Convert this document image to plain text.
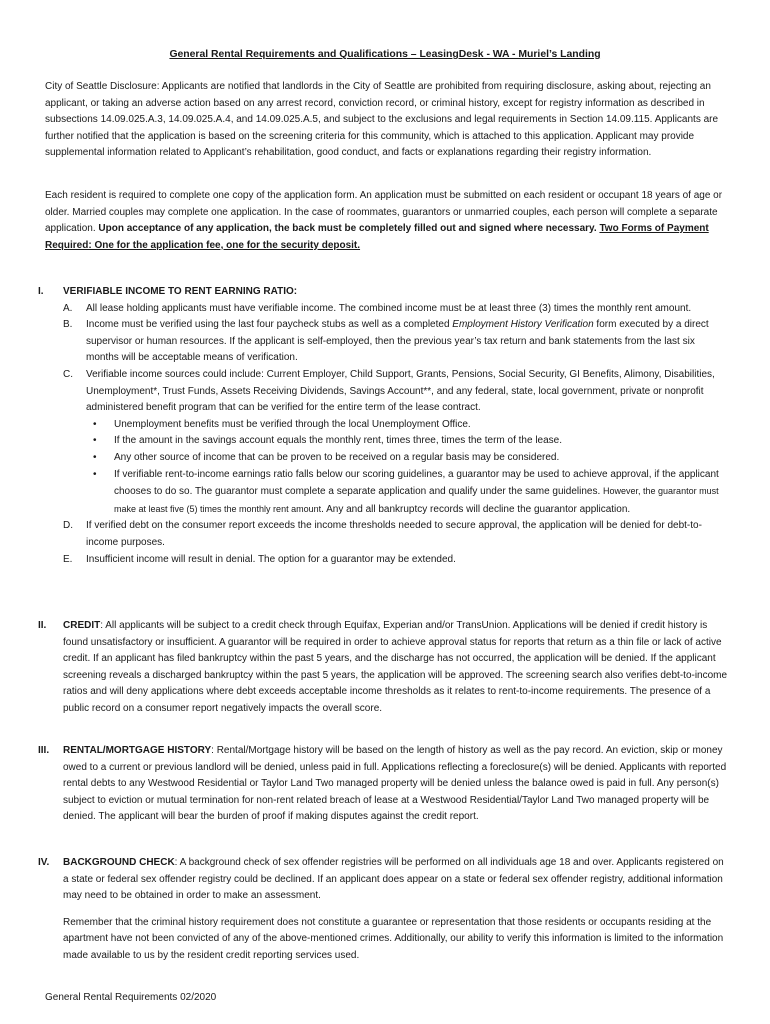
General Rental Requirements and Qualifications – LeasingDesk - WA - Muriel’s Landing

City of Seattle Disclosure: Applicants are notified that landlords in the City of Seattle are prohibited from requiring disclosure, asking about, rejecting an applicant, or taking an adverse action based on any arrest record, conviction record, or criminal history, except for registry information as described in subsections 14.09.025.A.3, 14.09.025.A.4, and 14.09.025.A.5, and subject to the exclusions and legal requirements in Section 14.09.115. Applicants are further notified that the application is based on the screening criteria for this community, which is attached to this application. Applicant may provide supplemental information related to Applicant’s rehabilitation, good conduct, and facts or explanations regarding their registry information.

Each resident is required to complete one copy of the application form. An application must be submitted on each resident or occupant 18 years of age or older. Married couples may complete one application. In the case of roommates, guarantors or unmarried couples, each person will complete a separate application. Upon acceptance of any application, the back must be completely filled out and signed where necessary. Two Forms of Payment Required: One for the application fee, one for the security deposit.

I.	VERIFIABLE INCOME TO RENT EARNING RATIO:
A. All lease holding applicants must have verifiable income. The combined income must be at least three (3) times the monthly rent amount.
B. Income must be verified using the last four paycheck stubs as well as a completed Employment History Verification form executed by a direct supervisor or human resources. If the applicant is self-employed, then the previous year’s tax return and bank statements from the last six months will be acceptable means of verification.
C. Verifiable income sources could include: Current Employer, Child Support, Grants, Pensions, Social Security, GI Benefits, Alimony, Disabilities, Unemployment*, Trust Funds, Assets Receiving Dividends, Savings Account**, and any federal, state, local government, private or nonprofit administered benefit program that can be verified for the entire term of the lease contract.
• Unemployment benefits must be verified through the local Unemployment Office.
• If the amount in the savings account equals the monthly rent, times three, times the term of the lease.
• Any other source of income that can be proven to be received on a regular basis may be considered.
• If verifiable rent-to-income earnings ratio falls below our scoring guidelines, a guarantor may be used to achieve approval, if the applicant chooses to do so. The guarantor must complete a separate application and qualify under the same guidelines. However, the guarantor must make at least five (5) times the monthly rent amount. Any and all bankruptcy records will decline the guarantor application.
D. If verified debt on the consumer report exceeds the income thresholds needed to secure approval, the application will be denied for debt-to-income purposes.
E. Insufficient income will result in denial. The option for a guarantor may be extended.
II.	CREDIT: All applicants will be subject to a credit check through Equifax, Experian and/or TransUnion. Applications will be denied if credit history is found unsatisfactory or insufficient. A guarantor will be required in order to achieve approval status for reports that return as a thin file or lack of active credit. If an applicant has filed bankruptcy within the past 5 years, and the discharge has not occurred, the application will be denied. If the applicant screening reveals a discharged bankruptcy within the past 5 years, the application will be approved. The screening search also verifies debt-to-income ratios and will deny applications where debt exceeds acceptable income thresholds as it relates to rent-to-income requirements. The presence of a public record on a consumer report negatively impacts the overall score.
III.	RENTAL/MORTGAGE HISTORY: Rental/Mortgage history will be based on the length of history as well as the pay record. An eviction, skip or money owed to a current or previous landlord will be denied, unless paid in full. Applications reflecting a foreclosure(s) will be denied. Applicants with reported rental debts to any Westwood Residential or Taylor Land Two managed property will be denied unless the balance owed is paid in full. Any person(s) subject to eviction or mutual termination for non-rent related breach of lease at a Westwood Residential/Taylor Land Two managed property will be denied. The applicant will bear the burden of proof if making disputes against the credit report.
IV.	BACKGROUND CHECK: A background check of sex offender registries will be performed on all individuals age 18 and over. Applicants registered on a state or federal sex offender registry could be declined. If an applicant does appear on a state or federal sex offender registry, additional information may need to be obtained in order to make an assessment.
Remember that the criminal history requirement does not constitute a guarantee or representation that those residents or occupants residing at the apartment have not been convicted of any of the above-mentioned crimes. Additionally, our ability to verify this information is limited to the information made available to us by the resident credit reporting services used.
General Rental Requirements 02/2020
